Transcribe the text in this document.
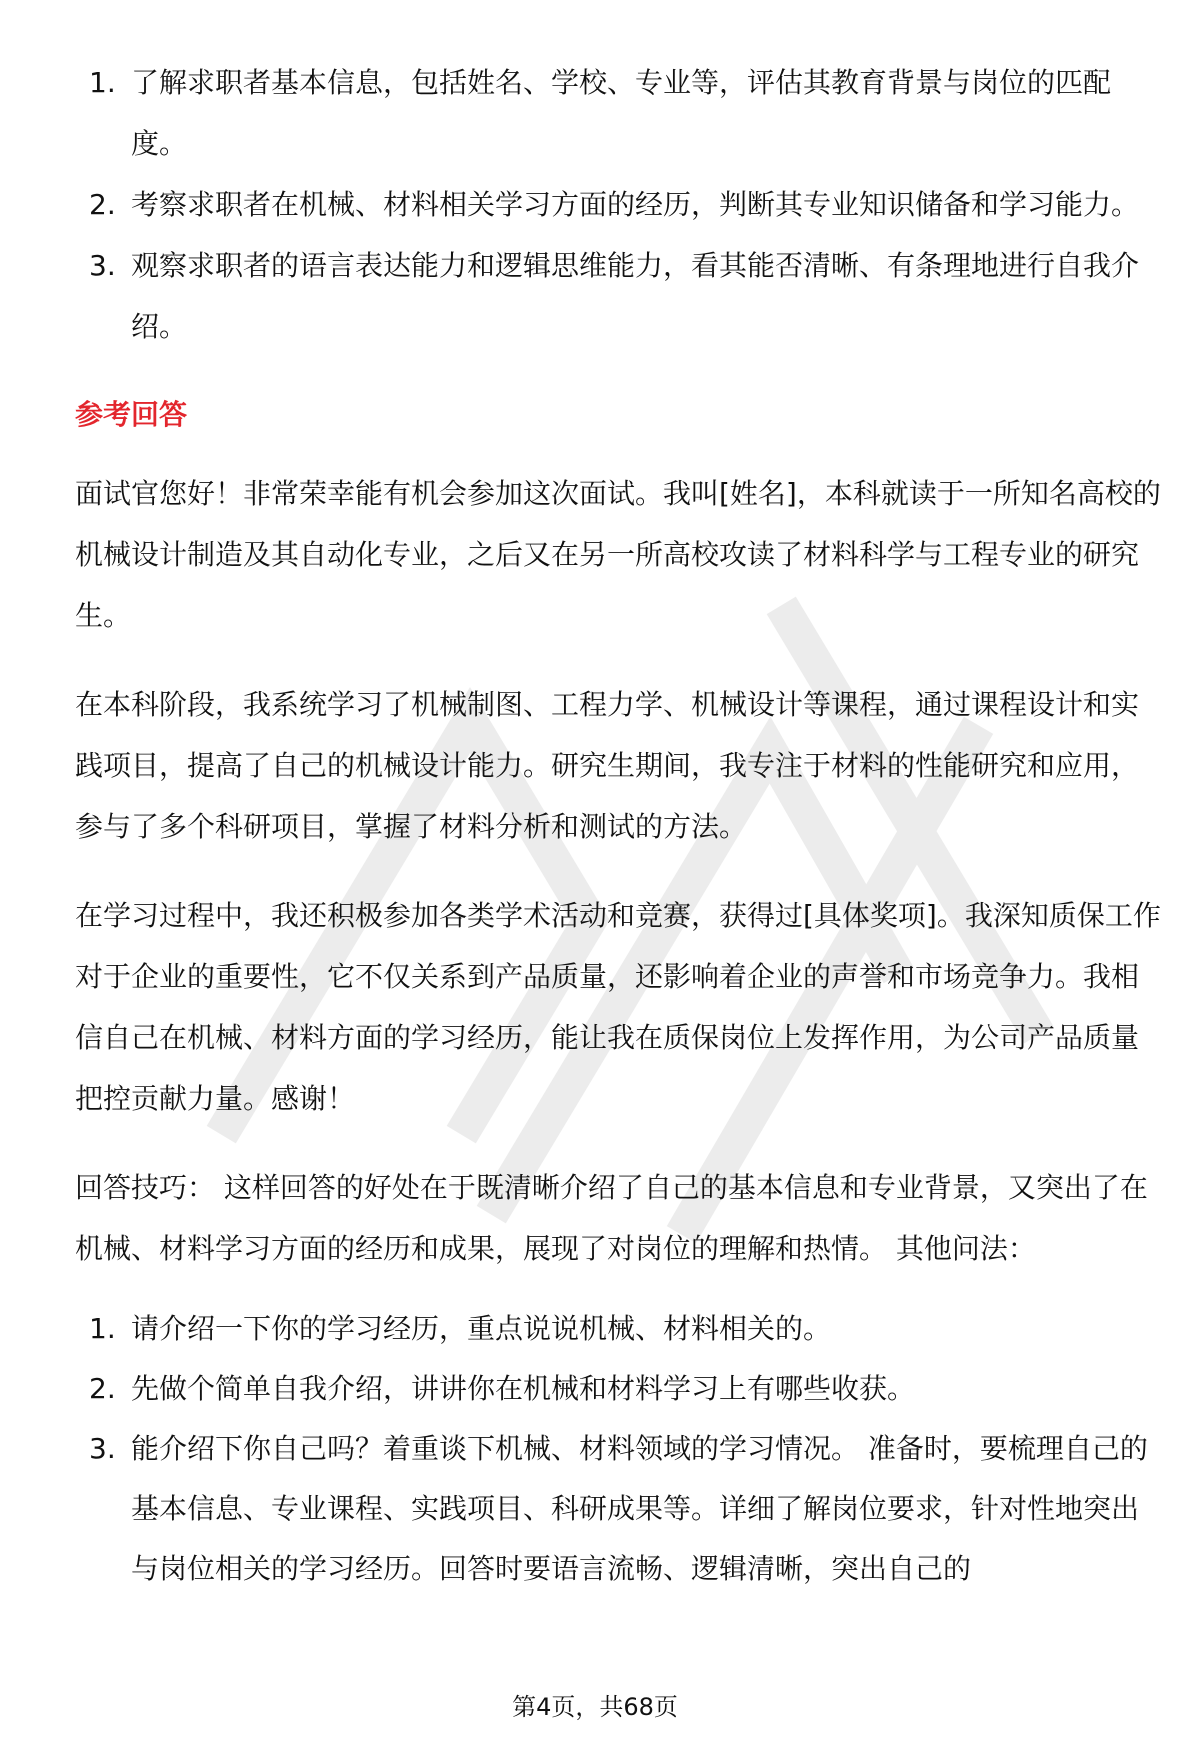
1. 了解求职者基本信息，包括姓名、学校、专业等，评估其教育背景与岗位的匹配度。
2. 考察求职者在机械、材料相关学习方面的经历，判断其专业知识储备和学习能力。
3. 观察求职者的语言表达能力和逻辑思维能力，看其能否清晰、有条理地进行自我介绍。
参考回答

面试官您好！非常荣幸能有机会参加这次面试。我叫[姓名]，本科就读于一所知名高校的机械设计制造及其自动化专业，之后又在另一所高校攻读了材料科学与工程专业的研究生。

在本科阶段，我系统学习了机械制图、工程力学、机械设计等课程，通过课程设计和实践项目，提高了自己的机械设计能力。研究生期间，我专注于材料的性能研究和应用，参与了多个科研项目，掌握了材料分析和测试的方法。

在学习过程中，我还积极参加各类学术活动和竞赛，获得过[具体奖项]。我深知质保工作对于企业的重要性，它不仅关系到产品质量，还影响着企业的声誉和市场竞争力。我相信自己在机械、材料方面的学习经历，能让我在质保岗位上发挥作用，为公司产品质量把控贡献力量。感谢！

回答技巧： 这样回答的好处在于既清晰介绍了自己的基本信息和专业背景，又突出了在机械、材料学习方面的经历和成果，展现了对岗位的理解和热情。 其他问法：

1. 请介绍一下你的学习经历，重点说说机械、材料相关的。
2. 先做个简单自我介绍，讲讲你在机械和材料学习上有哪些收获。
3. 能介绍下你自己吗？着重谈下机械、材料领域的学习情况。 准备时，要梳理自己的基本信息、专业课程、实践项目、科研成果等。详细了解岗位要求，针对性地突出与岗位相关的学习经历。回答时要语言流畅、逻辑清晰，突出自己的
第4页，共68页
